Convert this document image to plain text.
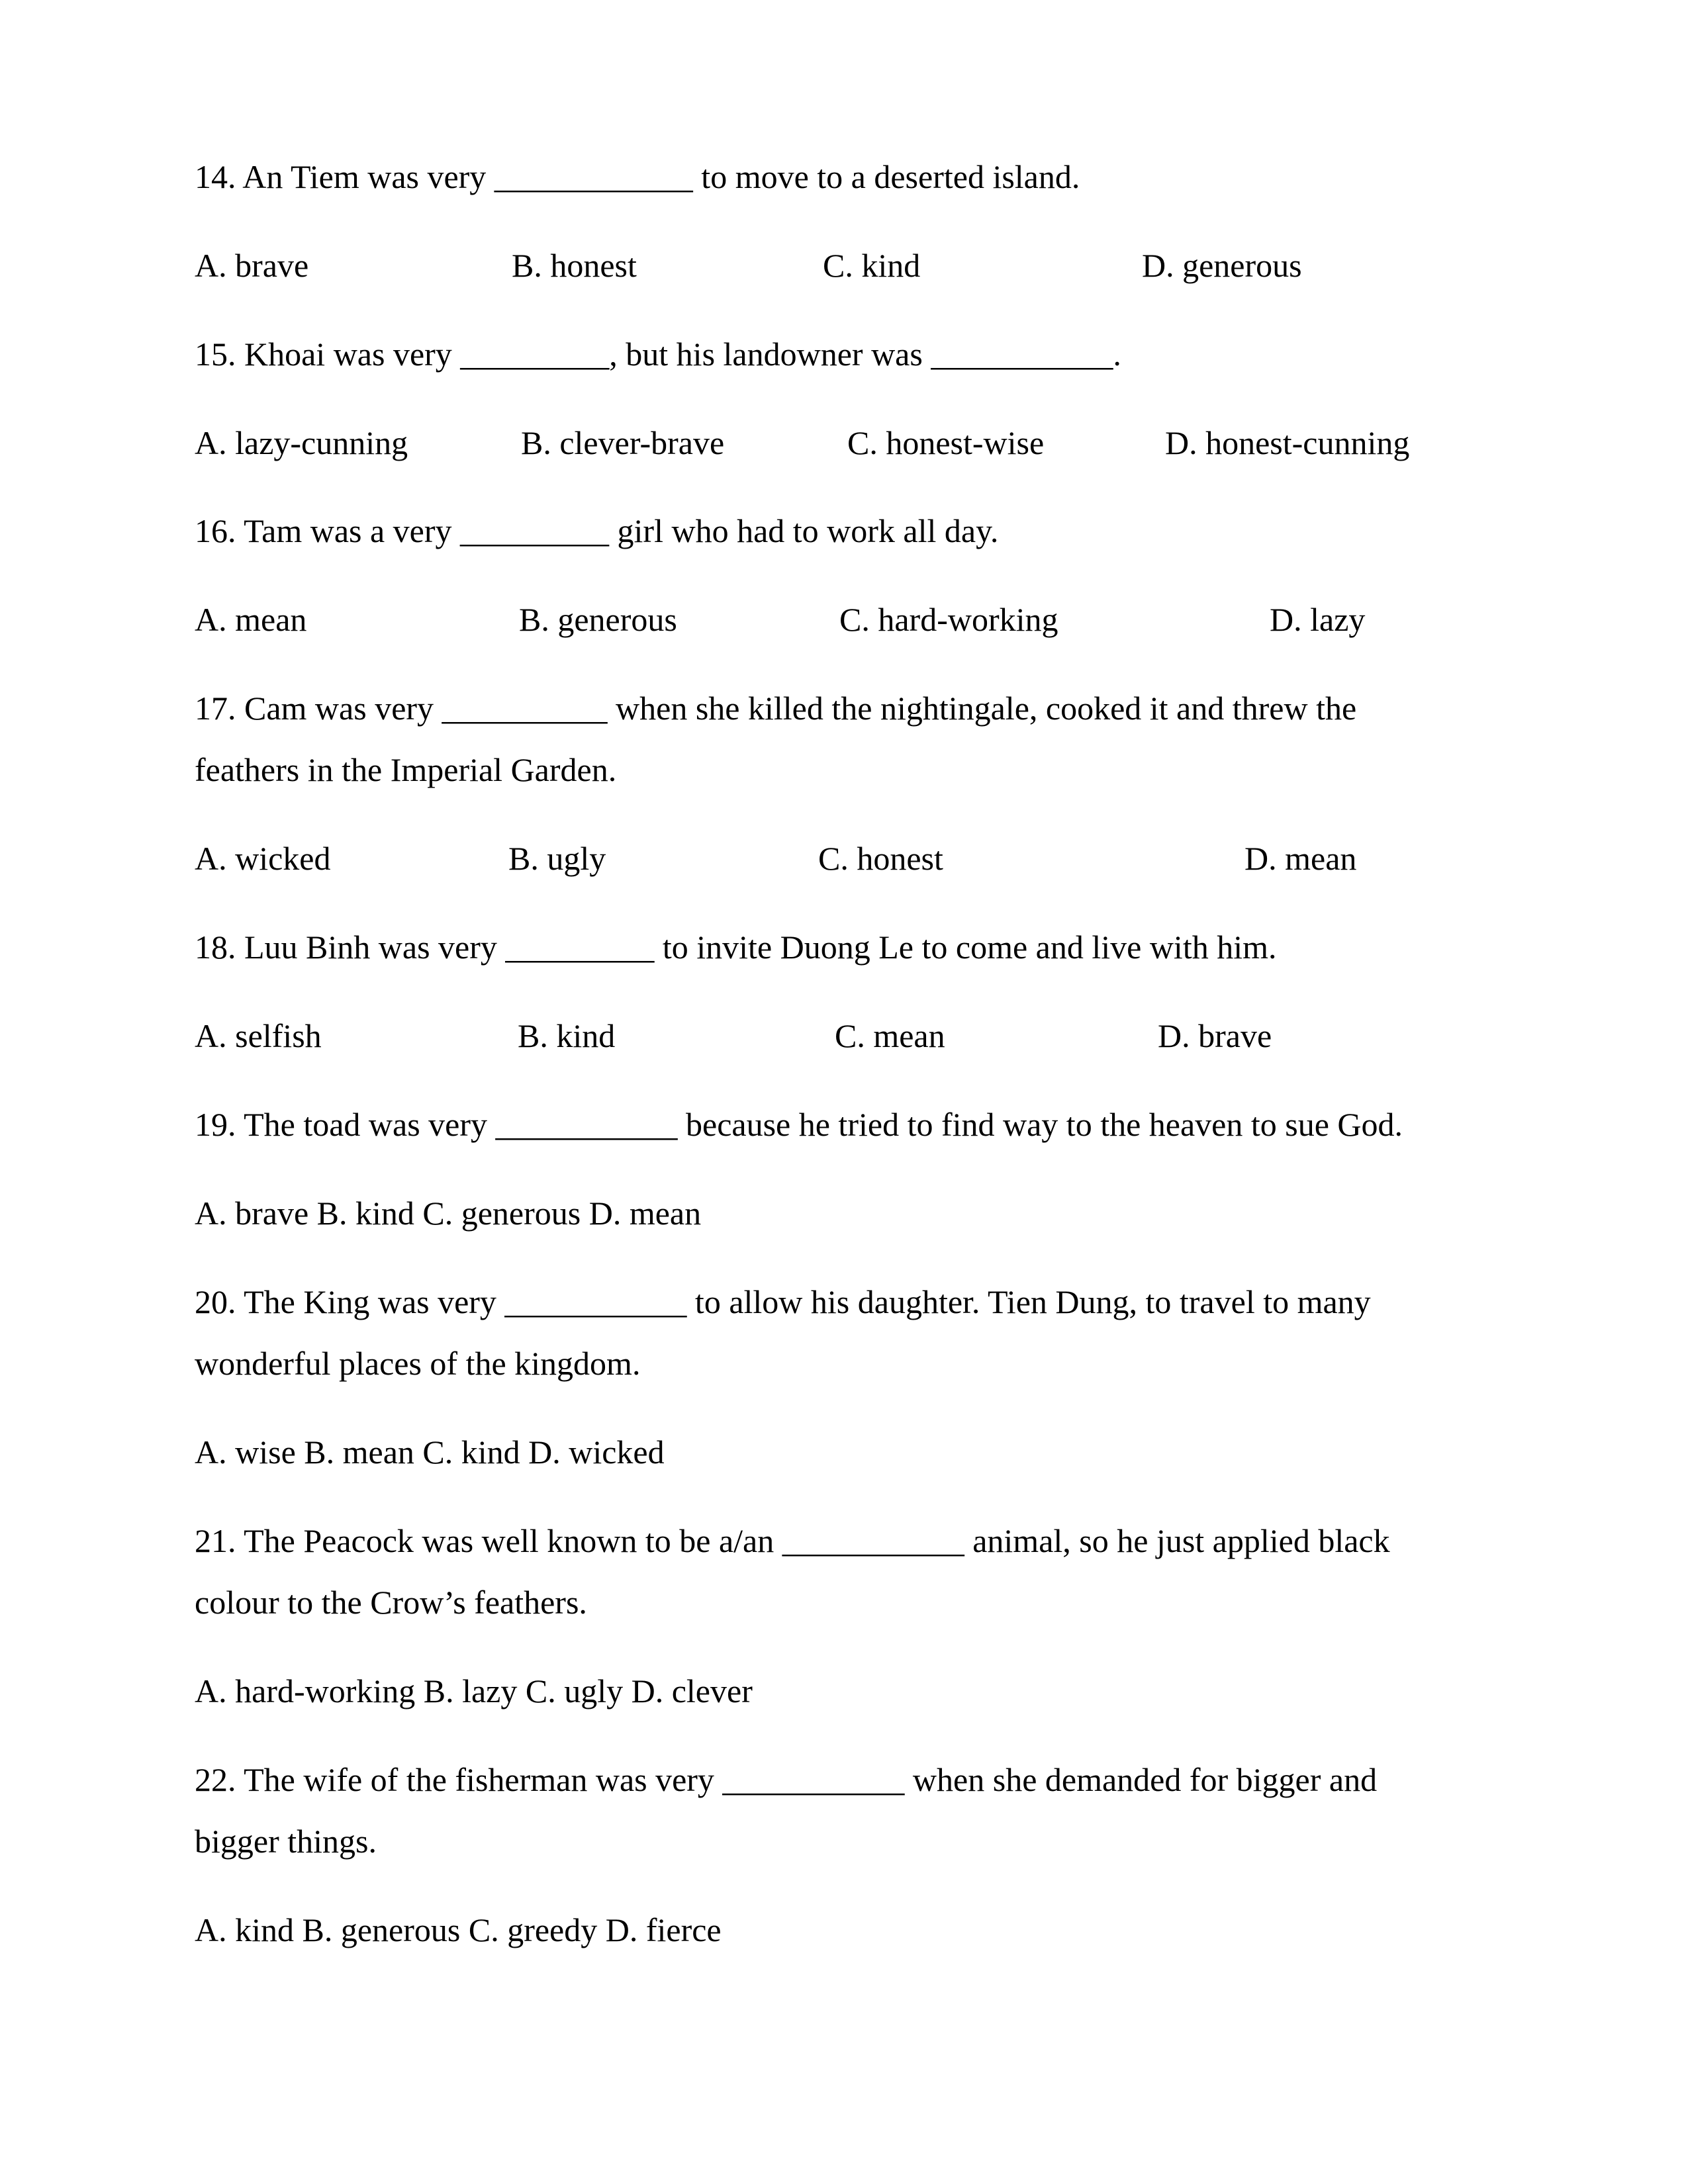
14. An Tiem was very ____________ to move to a deserted island.
A. brave	B. honest	C. kind	D. generous
15. Khoai was very _________, but his landowner was ___________.
A. lazy-cunning	B. clever-brave	C. honest-wise	D. honest-cunning
16. Tam was a very _________ girl who had to work all day.
A. mean	B. generous	C. hard-working	D. lazy
17. Cam was very __________ when she killed the nightingale, cooked it and threw the
feathers in the Imperial Garden.
A. wicked	B. ugly	C. honest	D. mean
18. Luu Binh was very _________ to invite Duong Le to come and live with him.
A. selfish	B. kind	C. mean	D. brave
19. The toad was very ___________ because he tried to find way to the heaven to sue God.
A. brave B. kind C. generous D. mean
20. The King was very ___________ to allow his daughter. Tien Dung, to travel to many
wonderful places of the kingdom.
A. wise B. mean C. kind D. wicked
21. The Peacock was well known to be a/an ___________ animal, so he just applied black
colour to the Crow’s feathers.
A. hard-working B. lazy C. ugly D. clever
22. The wife of the fisherman was very ___________ when she demanded for bigger and
bigger things.
A. kind B. generous C. greedy D. fierce
